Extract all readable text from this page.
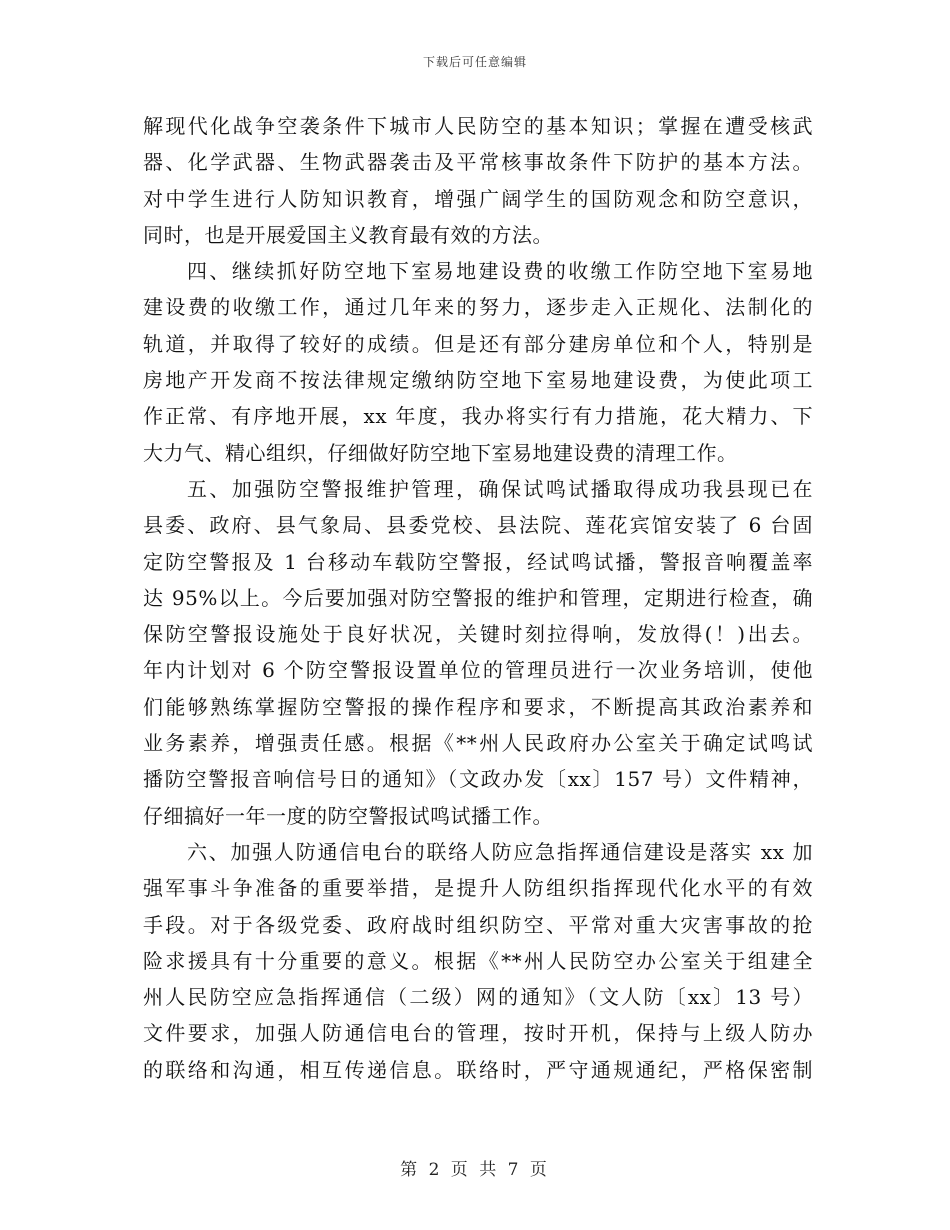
下载后可任意编辑
解现代化战争空袭条件下城市人民防空的基本知识；掌握在遭受核武
器、化学武器、生物武器袭击及平常核事故条件下防护的基本方法。
对中学生进行人防知识教育，增强广阔学生的国防观念和防空意识，
同时，也是开展爱国主义教育最有效的方法。
四、继续抓好防空地下室易地建设费的收缴工作防空地下室易地
建设费的收缴工作，通过几年来的努力，逐步走入正规化、法制化的
轨道，并取得了较好的成绩。但是还有部分建房单位和个人，特别是
房地产开发商不按法律规定缴纳防空地下室易地建设费，为使此项工
作正常、有序地开展，xx 年度，我办将实行有力措施，花大精力、下
大力气、精心组织，仔细做好防空地下室易地建设费的清理工作。
五、加强防空警报维护管理，确保试鸣试播取得成功我县现已在
县委、政府、县气象局、县委党校、县法院、莲花宾馆安装了 6 台固
定防空警报及 1 台移动车载防空警报，经试鸣试播，警报音响覆盖率
达 95%以上。今后要加强对防空警报的维护和管理，定期进行检查，确
保防空警报设施处于良好状况，关键时刻拉得响，发放得(！)出去。
年内计划对 6 个防空警报设置单位的管理员进行一次业务培训，使他
们能够熟练掌握防空警报的操作程序和要求，不断提高其政治素养和
业务素养，增强责任感。根据《**州人民政府办公室关于确定试鸣试
播防空警报音响信号日的通知》（文政办发〔xx〕157 号）文件精神，
仔细搞好一年一度的防空警报试鸣试播工作。
六、加强人防通信电台的联络人防应急指挥通信建设是落实 xx 加
强军事斗争准备的重要举措，是提升人防组织指挥现代化水平的有效
手段。对于各级党委、政府战时组织防空、平常对重大灾害事故的抢
险求援具有十分重要的意义。根据《**州人民防空办公室关于组建全
州人民防空应急指挥通信（二级）网的通知》（文人防〔xx〕13 号）
文件要求，加强人防通信电台的管理，按时开机，保持与上级人防办
的联络和沟通，相互传递信息。联络时，严守通规通纪，严格保密制
第 2 页 共 7 页
